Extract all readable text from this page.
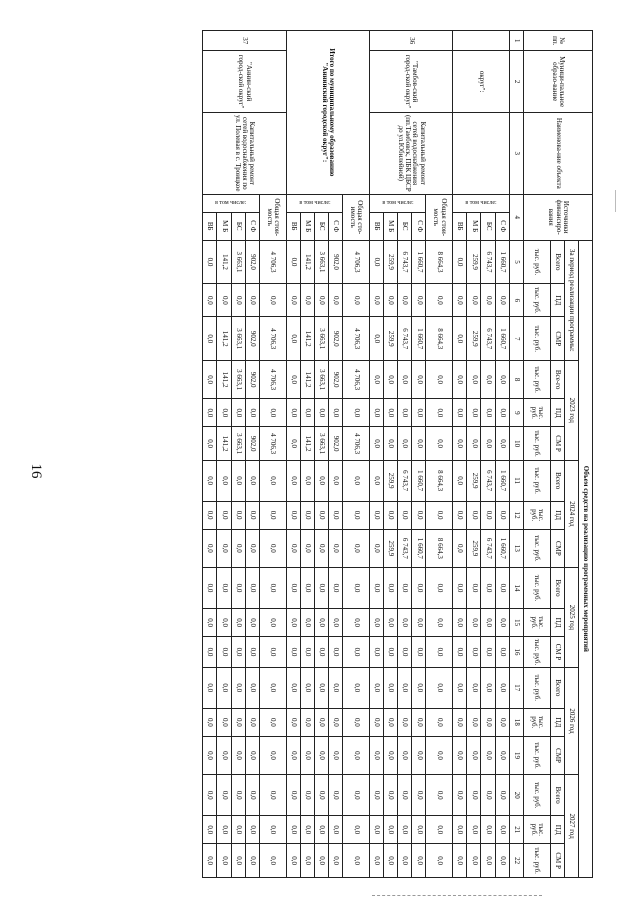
16
№ пп.	Муници-пальное образо-вание	Наименова-ние объекта	Источники финансиро-вания		Объем средств на реализацию программных мероприятий																	
					За период реализации программы:			2023 год			2024 год			2025 год			2026 год			2027 год		
					Всего	ПД	СМР	Все-го	ПД	СМ Р	Всего	ПД	СМР	Всего	ПД	СМ Р	Всего	ПД	СМР	Всего	ПД	СМ Р
					тыс. руб.	тыс. руб.	тыс. руб.	тыс. руб.	тыс. руб.	тыс. руб.	тыс. руб.	тыс. руб.	тыс. руб.	тыс. руб.	тыс. руб.	тыс. руб.	тыс. руб.	тыс. руб.	тыс. руб.	тыс. руб.	тыс. руб.	тыс. руб.
1	2	3	4		5	6	7	8	9	10	11	12	13	14	15	16	17	18	19	20	21	22
	округ":		в том числе:	С Ф	1 660,7	0,0	1 660,7	0,0	0,0	0,0	1 660,7	0,0	1 660,7	0,0	0,0	0,0	0,0	0,0	0,0	0,0	0,0	0,0
				БС	6 743,7	0,0	6 743,7	0,0	0,0	0,0	6 743,7	0,0	6 743,7	0,0	0,0	0,0	0,0	0,0	0,0	0,0	0,0	0,0
				М Б	259,9	0,0	259,9	0,0	0,0	0,0	259,9	0,0	259,9	0,0	0,0	0,0	0,0	0,0	0,0	0,0	0,0	0,0
				ВБ	0,0	0,0	0,0	0,0	0,0	0,0	0,0	0,0	0,0	0,0	0,0	0,0	0,0	0,0	0,0	0,0	0,0	0,0
36	"Тамбов-ский город-ской округ"	Капитальный ремонт сетей водоснабжения (пп.Тамбовск, ПБК ЦБСР до ул.Юбилейной)	Общая стои-мость		8 664,3	0,0	8 664,3	0,0	0,0	0,0	8 664,3	0,0	8 664,3	0,0	0,0	0,0	0,0	0,0	0,0	0,0	0,0	0,0
			в том числе:	С Ф	1 660,7	0,0	1 660,7	0,0	0,0	0,0	1 660,7	0,0	1 660,7	0,0	0,0	0,0	0,0	0,0	0,0	0,0	0,0	0,0
				БС	6 743,7	0,0	6 743,7	0,0	0,0	0,0	6 743,7	0,0	6 743,7	0,0	0,0	0,0	0,0	0,0	0,0	0,0	0,0	0,0
				М Б	259,9	0,0	259,9	0,0	0,0	0,0	259,9	0,0	259,9	0,0	0,0	0,0	0,0	0,0	0,0	0,0	0,0	0,0
				ВБ	0,0	0,0	0,0	0,0	0,0	0,0	0,0	0,0	0,0	0,0	0,0	0,0	0,0	0,0	0,0	0,0	0,0	0,0
Итого по муниципальному образованию "Аннинский городской округ":			Общая сто-имость		4 706,3	0,0	4 706,3	4 706,3	0,0	4 706,3	0,0	0,0	0,0	0,0	0,0	0,0	0,0	0,0	0,0	0,0	0,0	0,0
			в том числе:	С Ф	902,0	0,0	902,0	902,0	0,0	902,0	0,0	0,0	0,0	0,0	0,0	0,0	0,0	0,0	0,0	0,0	0,0	0,0
				БС	3 663,1	0,0	3 663,1	3 663,1	0,0	3 663,1	0,0	0,0	0,0	0,0	0,0	0,0	0,0	0,0	0,0	0,0	0,0	0,0
				М Б	141,2	0,0	141,2	141,2	0,0	141,2	0,0	0,0	0,0	0,0	0,0	0,0	0,0	0,0	0,0	0,0	0,0	0,0
				ВБ	0,0	0,0	0,0	0,0	0,0	0,0	0,0	0,0	0,0	0,0	0,0	0,0	0,0	0,0	0,0	0,0	0,0	0,0
37	"Аннин-ский город-ской округ"	Капитальный ремонт сетей водоснабжения по ул. Полевая в с. Троицкое	Общая стои-мость		4 706,3	0,0	4 706,3	4 706,3	0,0	4 706,3	0,0	0,0	0,0	0,0	0,0	0,0	0,0	0,0	0,0	0,0	0,0	0,0
			в том числе:	С Ф	902,0	0,0	902,0	902,0	0,0	902,0	0,0	0,0	0,0	0,0	0,0	0,0	0,0	0,0	0,0	0,0	0,0	0,0
				БС	3 663,1	0,0	3 663,1	3 663,1	0,0	3 663,1	0,0	0,0	0,0	0,0	0,0	0,0	0,0	0,0	0,0	0,0	0,0	0,0
				М Б	141,2	0,0	141,2	141,2	0,0	141,2	0,0	0,0	0,0	0,0	0,0	0,0	0,0	0,0	0,0	0,0	0,0	0,0
				ВБ	0,0	0,0	0,0	0,0	0,0	0,0	0,0	0,0	0,0	0,0	0,0	0,0	0,0	0,0	0,0	0,0	0,0	0,0
